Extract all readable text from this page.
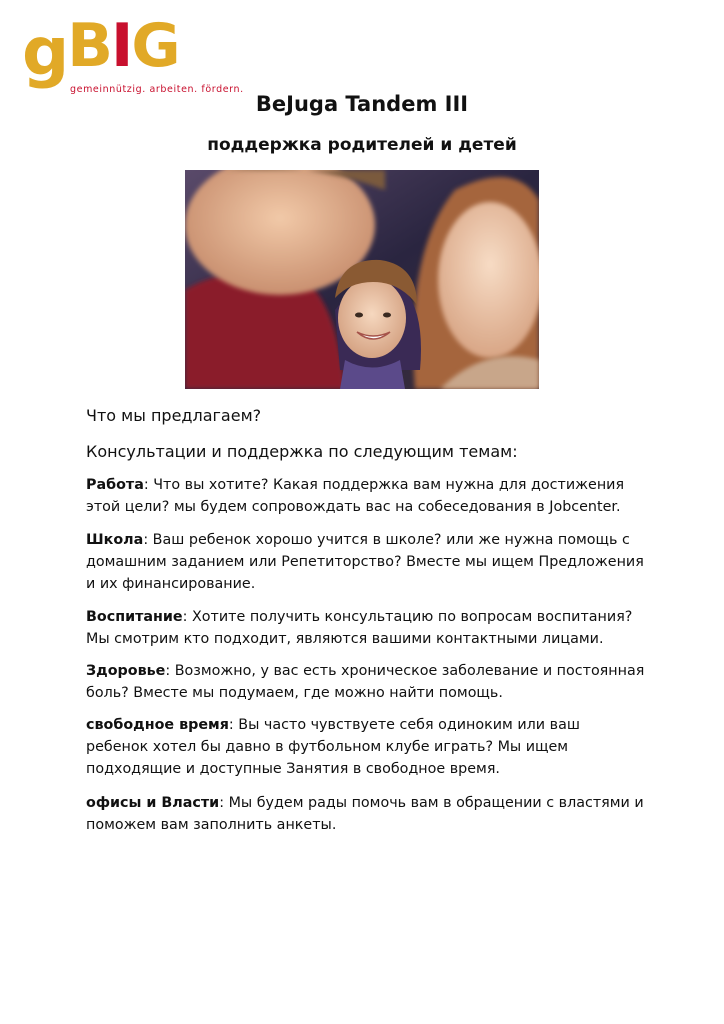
gBIG
gemeinnützig. arbeiten. fördern.
BeJuga Tandem III
поддержка родителей и детей
Что мы предлагаем?
Консультации и поддержка по следующим темам:
Работа: Что вы хотите? Какая поддержка вам нужна для достижения этой цели? мы будем сопровождать вас на собеседования в Jobcenter.
Школа: Ваш ребенок хорошо учится в школе? или же нужна помощь с домашним заданием или Репетиторство? Вместе мы ищем Предложения и их финансирование.
Воспитание: Хотите получить консультацию по вопросам воспитания? Мы смотрим кто подходит, являются вашими контактными лицами.
Здоровье: Возможно, у вас есть хроническое заболевание и постоянная боль? Вместе мы подумаем, где можно найти помощь.
свободное время: Вы часто чувствуете себя одиноким или ваш ребенок хотел бы давно в футбольном клубе играть? Мы ищем подходящие и доступные Занятия в свободное время.
офисы и Власти: Мы будем рады помочь вам в обращении с властями и поможем вам заполнить анкеты.
